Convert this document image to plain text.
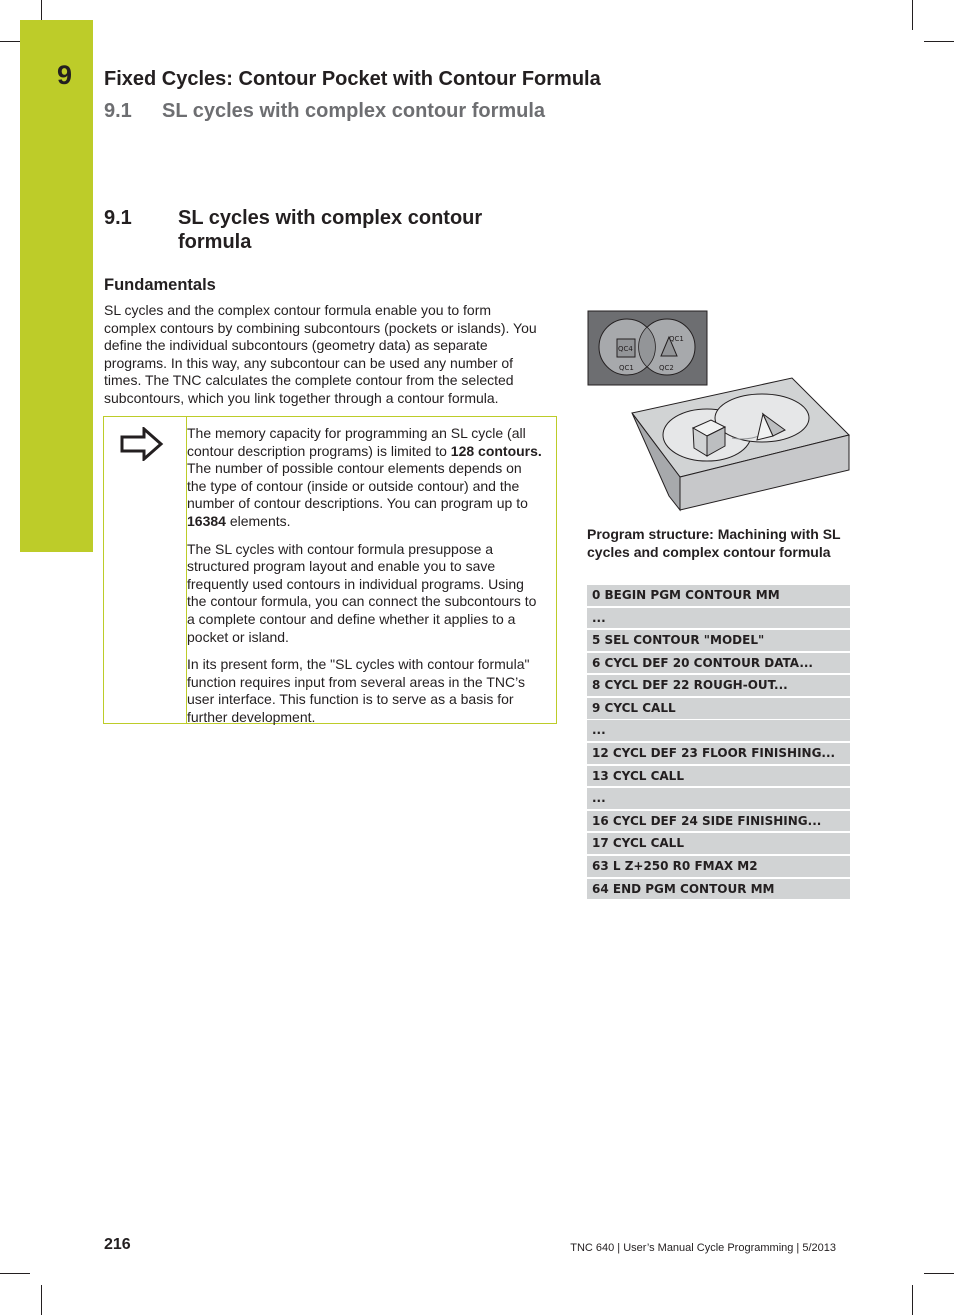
9 Fixed Cycles: Contour Pocket with Contour Formula
9.1 SL cycles with complex contour formula
9.1	SL cycles with complex contour
formula
Fundamentals
SL cycles and the complex contour formula enable you to form complex contours by combining subcontours (pockets or islands). You define the individual subcontours (geometry data) as separate programs. In this way, any subcontour can be used any number of times. The TNC calculates the complete contour from the selected subcontours, which you link together through a contour formula.

The memory capacity for programming an SL cycle (all contour description programs) is limited to 128 contours. The number of possible contour elements depends on the type of contour (inside or outside contour) and the number of contour descriptions. You can program up to 16384 elements.

The SL cycles with contour formula presuppose a structured program layout and enable you to save frequently used contours in individual programs. Using the contour formula, you can connect the subcontours to a complete contour and define whether it applies to a pocket or island.

In its present form, the "SL cycles with contour formula" function requires input from several areas in the TNC’s user interface. This function is to serve as a basis for further development.

QC4
QC1
QC1	QC2
Program structure: Machining with SL cycles and complex contour formula
0 BEGIN PGM CONTOUR MM
...
5 SEL CONTOUR "MODEL"
6 CYCL DEF 20 CONTOUR DATA...
8 CYCL DEF 22 ROUGH-OUT...
9 CYCL CALL
...
12 CYCL DEF 23 FLOOR FINISHING...
13 CYCL CALL
...
16 CYCL DEF 24 SIDE FINISHING...
17 CYCL CALL
63 L Z+250 R0 FMAX M2
64 END PGM CONTOUR MM
216	TNC 640 | User’s Manual Cycle Programming | 5/2013
